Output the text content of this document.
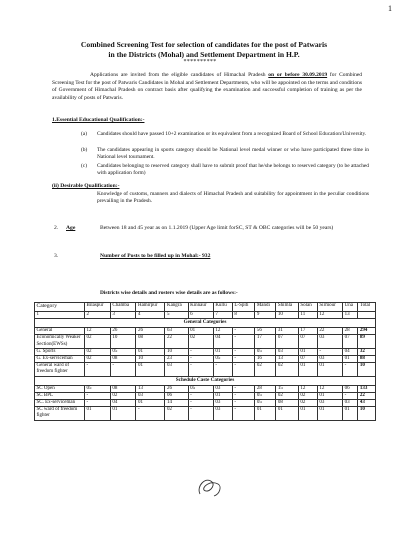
1
Combined Screening Test for selection of candidates for the post of Patwaris
in the Districts (Mohal) and Settlement Department in H.P.
**********
Applications are invited from the eligible candidates of Himachal Pradesh on or before 30.09.2019 for Combined Screening Test for the post of Patwaris Candidates in Mohal and Settlement Departments, who will be appointed on the terms and conditions of Government of Himachal Pradesh on contract basis after qualifying the examination and successful completion of training as per the availability of posts of Patwaris.
1.Essential Educational Qualification:-
(a) Candidates should have passed 10+2 examination or its equivalent from a recognized Board of School Education/University.
(b) The candidates appearing in sports category should be National level medal winner or who have participated three time in National level tournament.
(c) Candidates belonging to reserved category shall have to submit proof that he/she belongs to reserved category (to be attached with application form)
(ii) Desirable Qualification:-
Knowledge of customs, manners and dialects of Himachal Pradesh and suitability for appointment in the peculiar conditions prevailing in the Pradesh.
2. Age	Between 18 and 45 year as on 1.1.2019 (Upper Age limit forSC, ST & OBC categories will be 50 years)
3.	Number of Posts to be filled up in Mohal:- 932
Districts wise details and rosters wise details are as follows:-
Category	Bilaspur	Chamba	Hamirpur	Kangra	Kinnaur	Kullu	L-Spiti	Mandi	Shimla	Solan	Sirmour	Una	Total
1	2	3	4	5	6	7	8	9	10	11	12	13	
General Categories													
General	12	26	26	63	01	12	-	56	31	17	22	28	294
Economically Weaker Section(EWSs)	02	10	08	22	02	04	-	17	07	07	03	07	89
G. Sports	02	05	01	10	-	01	-	05	03	01	-	04	32
G. Ex-serviceman	02	08	10	23	-	05	-	16	13	07	03	01	88
General ward of freedom fighter	-	-	01	03	-	-	-	02	02	01	01	-	10
Schedule Caste Categories													
SC Open	05	08	13	26	05	03	-	28	15	12	12	06	133
SC BPL	-	02	03	06	-	01	-	05	02	02	01	-	22
SC. Ex-serviceman	-	04	01	14	-	03	-	05	08	02	03	03	43
SC ward of freedom fighter	01	01	-	02	-	03	-	01	01	01	01	01	10
